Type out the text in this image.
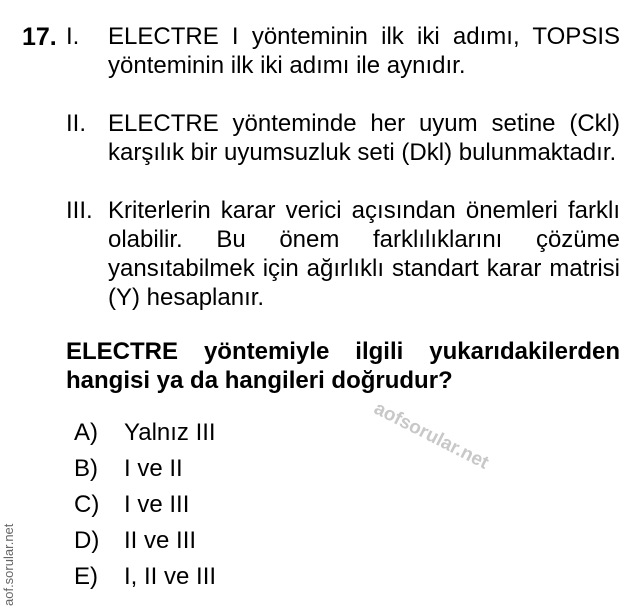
17. I. ELECTRE I yönteminin ilk iki adımı, TOPSIS yönteminin ilk iki adımı ile aynıdır.
II. ELECTRE yönteminde her uyum setine (Ckl) karşılık bir uyumsuzluk seti (Dkl) bulunmaktadır.
III. Kriterlerin karar verici açısından önemleri farklı olabilir. Bu önem farklılıklarını çözüme yansıtabilmek için ağırlıklı standart karar matrisi (Y) hesaplanır.
ELECTRE yöntemiyle ilgili yukarıdakilerden hangisi ya da hangileri doğrudur?
A) Yalnız III
B) I ve II
C) I ve III
D) II ve III
E) I, II ve III
aofsorular.net
aof.sorular.net
